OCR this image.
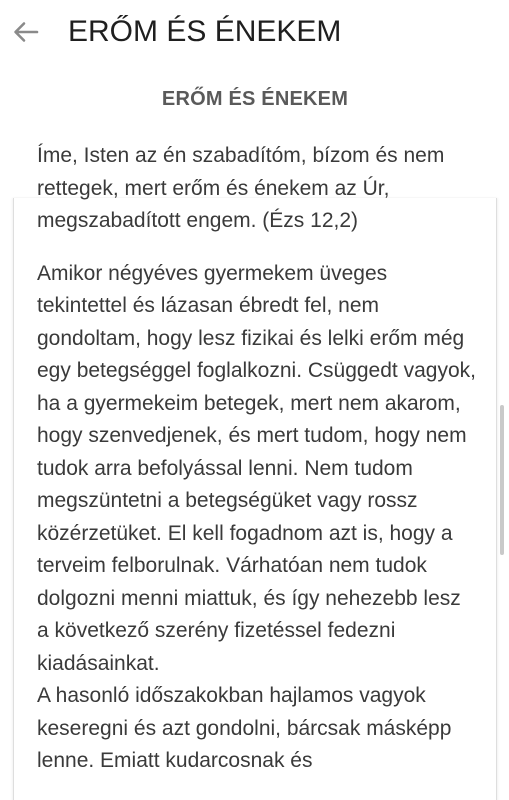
ERŐM ÉS ÉNEKEM
ERŐM ÉS ÉNEKEM

Íme, Isten az én szabadítóm, bízom és nem rettegek, mert erőm és énekem az Úr, megszabadított engem. (Ézs 12,2)

Amikor négyéves gyermekem üveges tekintettel és lázasan ébredt fel, nem gondoltam, hogy lesz fizikai és lelki erőm még egy betegséggel foglalkozni. Csüggedt vagyok, ha a gyermekeim betegek, mert nem akarom, hogy szenvedjenek, és mert tudom, hogy nem tudok arra befolyással lenni. Nem tudom megszüntetni a betegségüket vagy rossz közérzetüket. El kell fogadnom azt is, hogy a terveim felborulnak. Várhatóan nem tudok dolgozni menni miattuk, és így nehezebb lesz a következő szerény fizetéssel fedezni kiadásainkat.

A hasonló időszakokban hajlamos vagyok keseregni és azt gondolni, bárcsak másképp lenne. Emiatt kudarcosnak és
